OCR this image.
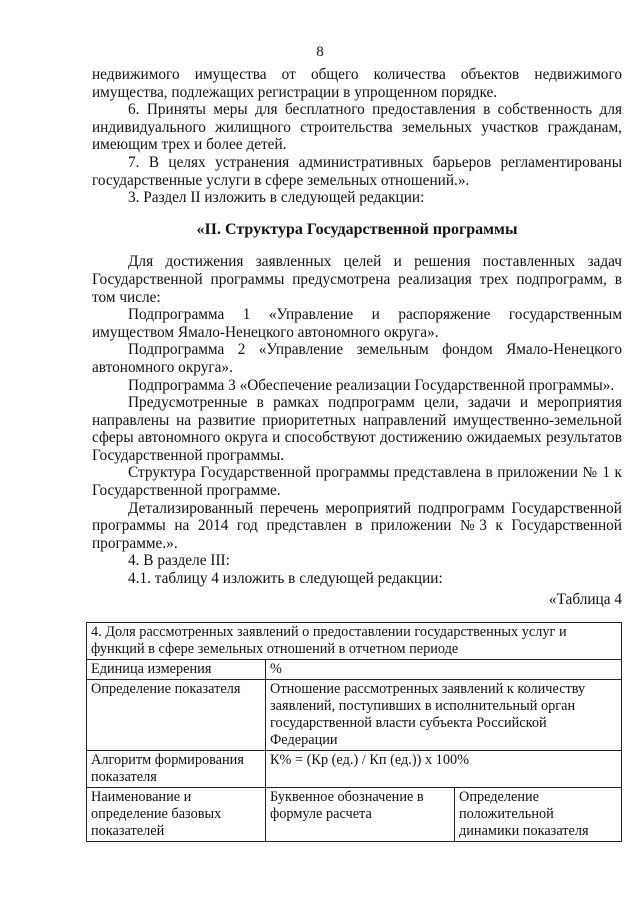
8

недвижимого имущества от общего количества объектов недвижимого имущества, подлежащих регистрации в упрощенном порядке.

6. Приняты меры для бесплатного предоставления в собственность для индивидуального жилищного строительства земельных участков гражданам, имеющим трех и более детей.

7. В целях устранения административных барьеров регламентированы государственные услуги в сфере земельных отношений.».

3. Раздел II изложить в следующей редакции:

«II. Структура Государственной программы

Для достижения заявленных целей и решения поставленных задач Государственной программы предусмотрена реализация трех подпрограмм, в том числе:

Подпрограмма 1 «Управление и распоряжение государственным имуществом Ямало-Ненецкого автономного округа».

Подпрограмма 2 «Управление земельным фондом Ямало-Ненецкого автономного округа».

Подпрограмма 3 «Обеспечение реализации Государственной программы».

Предусмотренные в рамках подпрограмм цели, задачи и мероприятия направлены на развитие приоритетных направлений имущественно-земельной сферы автономного округа и способствуют достижению ожидаемых результатов Государственной программы.

Структура Государственной программы представлена в приложении № 1 к Государственной программе.

Детализированный перечень мероприятий подпрограмм Государственной программы на 2014 год представлен в приложении №3 к Государственной программе.».

4. В разделе III:

4.1. таблицу 4 изложить в следующей редакции:

«Таблица 4

4. Доля рассмотренных заявлений о предоставлении государственных услуг и функций в сфере земельных отношений в отчетном периоде		
Единица измерения	%	
Определение показателя	Отношение рассмотренных заявлений к количеству заявлений, поступивших в исполнительный орган государственной власти субъекта Российской Федерации	
Алгоритм формирования показателя	К% = (Кр (ед.) / Кп (ед.)) х 100%	
Наименование и определение базовых показателей	Буквенное обозначение в формуле расчета	Определение положительной динамики показателя
